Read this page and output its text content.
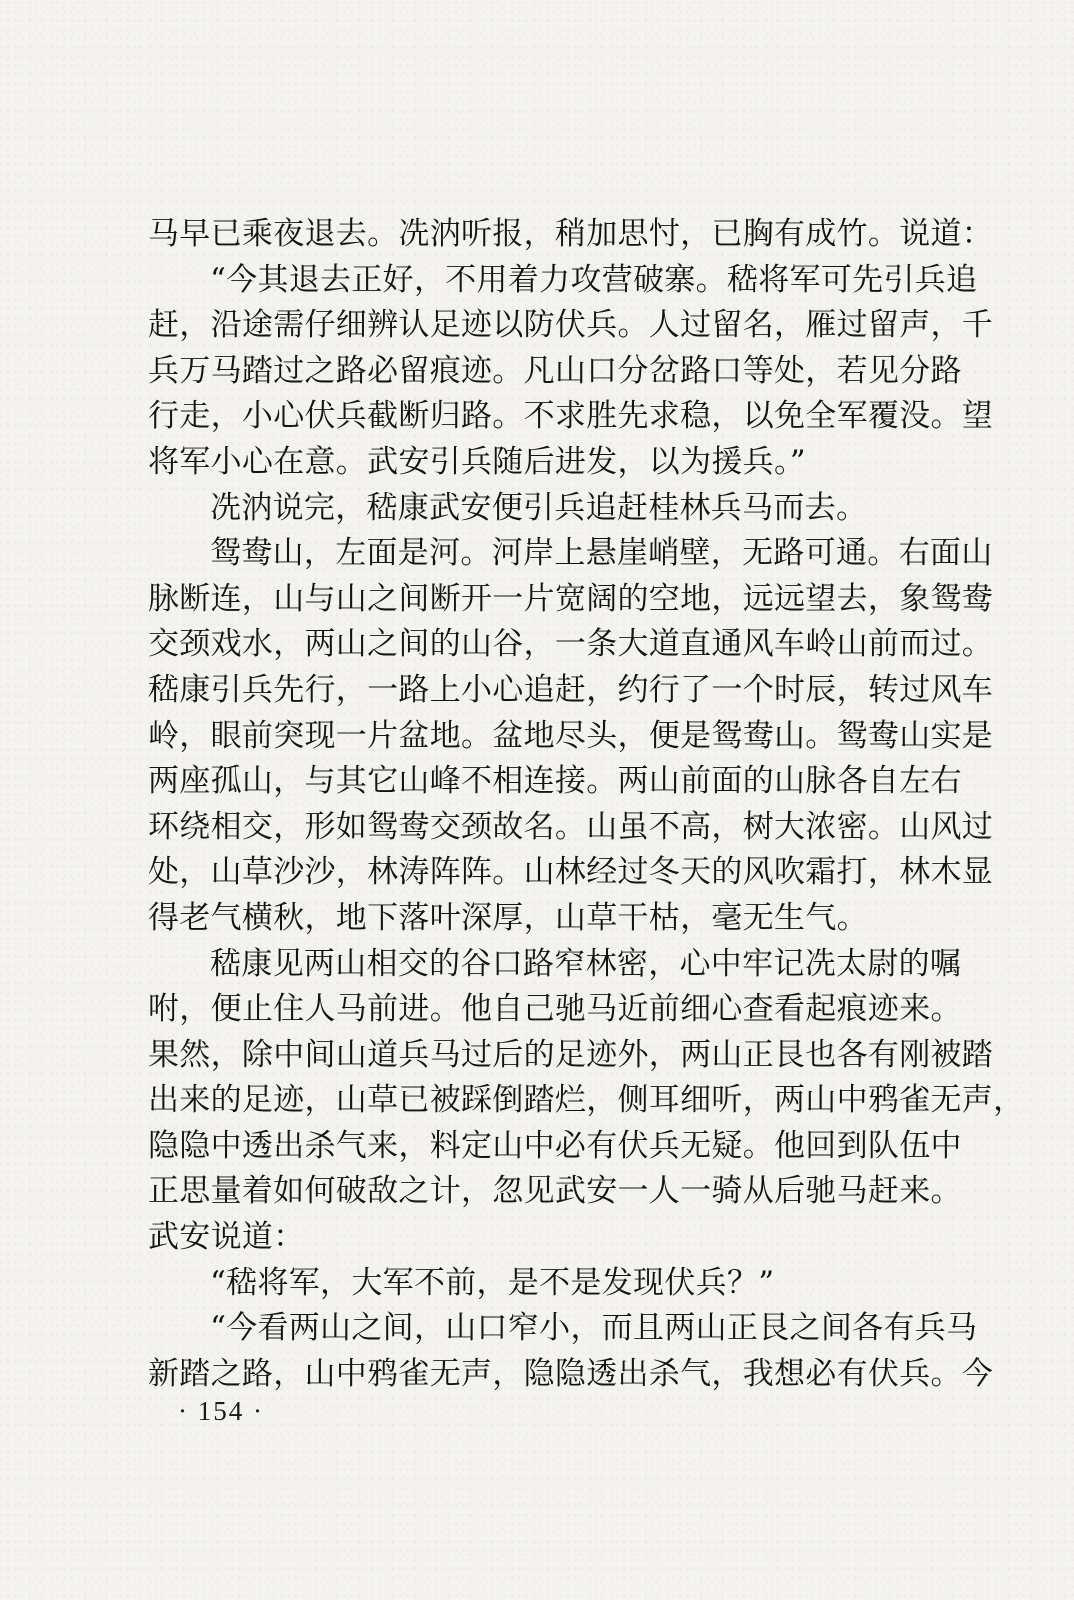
马早已乘夜退去。冼汭听报，稍加思忖，已胸有成竹。说道：
“今其退去正好，不用着力攻营破寨。嵇将军可先引兵追
赶，沿途需仔细辨认足迹以防伏兵。人过留名，雁过留声，千
兵万马踏过之路必留痕迹。凡山口分岔路口等处，若见分路
行走，小心伏兵截断归路。不求胜先求稳，以免全军覆没。望
将军小心在意。武安引兵随后进发，以为援兵。”
冼汭说完，嵇康武安便引兵追赶桂林兵马而去。
鸳鸯山，左面是河。河岸上悬崖峭壁，无路可通。右面山
脉断连，山与山之间断开一片宽阔的空地，远远望去，象鸳鸯
交颈戏水，两山之间的山谷，一条大道直通风车岭山前而过。
嵇康引兵先行，一路上小心追赶，约行了一个时辰，转过风车
岭，眼前突现一片盆地。盆地尽头，便是鸳鸯山。鸳鸯山实是
两座孤山，与其它山峰不相连接。两山前面的山脉各自左右
环绕相交，形如鸳鸯交颈故名。山虽不高，树大浓密。山风过
处，山草沙沙，林涛阵阵。山林经过冬天的风吹霜打，林木显
得老气横秋，地下落叶深厚，山草干枯，毫无生气。
嵇康见两山相交的谷口路窄林密，心中牢记冼太尉的嘱
咐，便止住人马前进。他自己驰马近前细心查看起痕迹来。
果然，除中间山道兵马过后的足迹外，两山正艮也各有刚被踏
出来的足迹，山草已被踩倒踏烂，侧耳细听，两山中鸦雀无声，
隐隐中透出杀气来，料定山中必有伏兵无疑。他回到队伍中
正思量着如何破敌之计，忽见武安一人一骑从后驰马赶来。
武安说道：
“嵇将军，大军不前，是不是发现伏兵？”
“今看两山之间，山口窄小，而且两山正艮之间各有兵马
新踏之路，山中鸦雀无声，隐隐透出杀气，我想必有伏兵。今
· 154 ·
